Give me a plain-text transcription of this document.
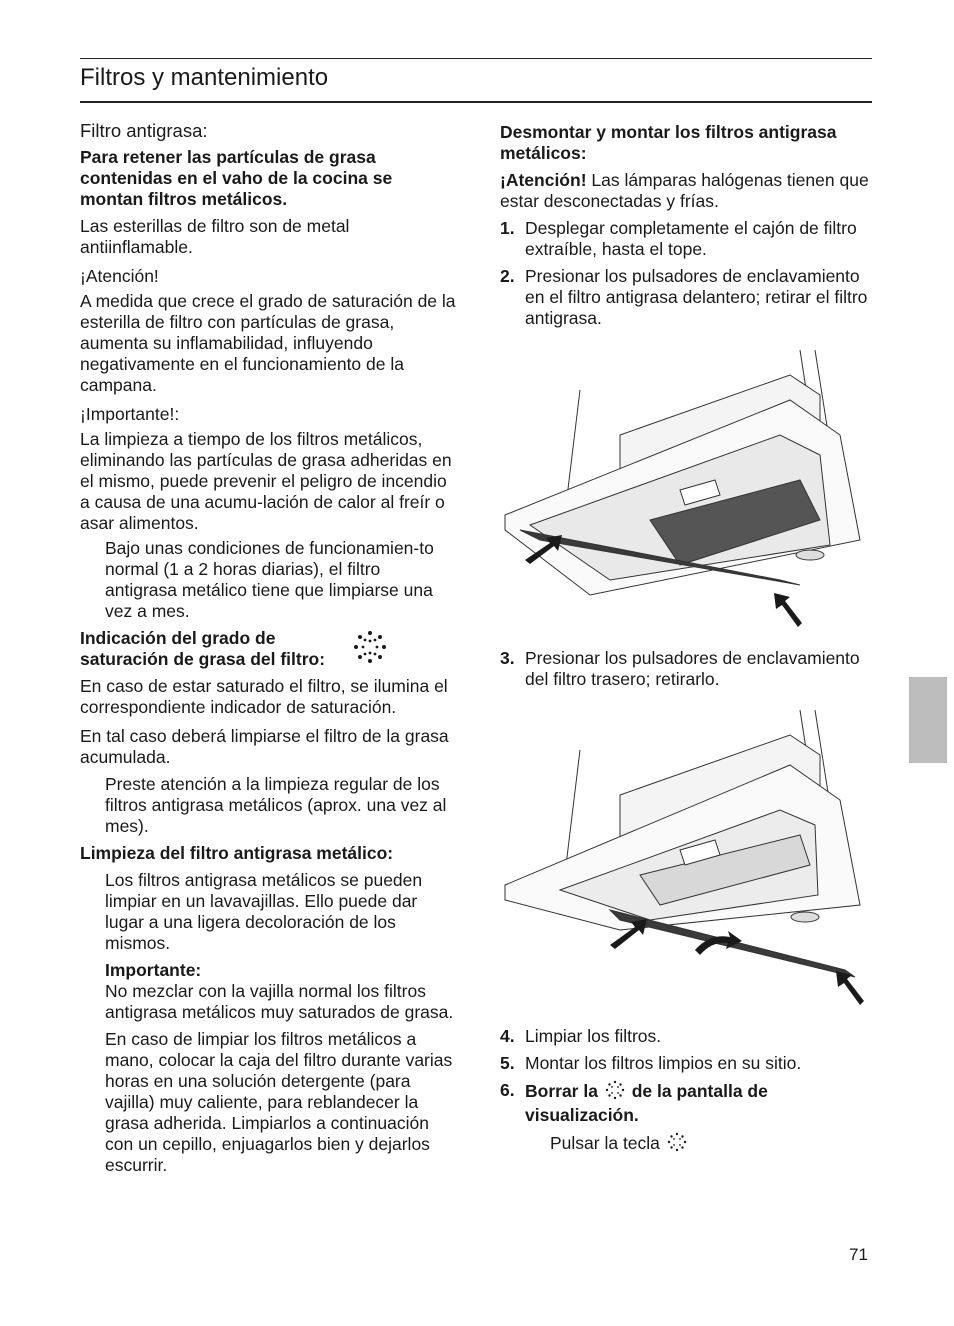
Filtros y mantenimiento
Filtro antigrasa:

Para retener las partículas de grasa contenidas en el vaho de la cocina se montan filtros metálicos.

Las esterillas de filtro son de metal antiinflamable.

¡Atención!

A medida que crece el grado de saturación de la esterilla de filtro con partículas de grasa, aumenta su inflamabilidad, influyendo negativamente en el funcionamiento de la campana.

¡Importante!:

La limpieza a tiempo de los filtros metálicos, eliminando las partículas de grasa adheridas en el mismo, puede prevenir el peligro de incendio a causa de una acumu-lación de calor al freír o asar alimentos.

Bajo unas condiciones de funcionamien-to normal (1 a 2 horas diarias), el filtro antigrasa metálico tiene que limpiarse una vez a mes.

Indicación del grado de saturación de grasa del filtro:

En caso de estar saturado el filtro, se ilumina el correspondiente indicador de saturación.

En tal caso deberá limpiarse el filtro de la grasa acumulada.

Preste atención a la limpieza regular de los filtros antigrasa metálicos (aprox. una vez al mes).

Limpieza del filtro antigrasa metálico:

Los filtros antigrasa metálicos se pueden limpiar en un lavavajillas. Ello puede dar lugar a una ligera decoloración de los mismos.

Importante:

No mezclar con la vajilla normal los filtros antigrasa metálicos muy saturados de grasa.

En caso de limpiar los filtros metálicos a mano, colocar la caja del filtro durante varias horas en una solución detergente (para vajilla) muy caliente, para reblandecer la grasa adherida. Limpiarlos a continuación con un cepillo, enjuagarlos bien y dejarlos escurrir.

Desmontar y montar los filtros antigrasa metálicos:

¡Atención! Las lámparas halógenas tienen que estar desconectadas y frías.

1. Desplegar completamente el cajón de filtro extraíble, hasta el tope.
2. Presionar los pulsadores de enclavamiento en el filtro antigrasa delantero; retirar el filtro antigrasa.
3. Presionar los pulsadores de enclavamiento del filtro trasero; retirarlo.
4. Limpiar los filtros.
5. Montar los filtros limpios en su sitio.
6. Borrar la de la pantalla de visualización.

Pulsar la tecla

71
